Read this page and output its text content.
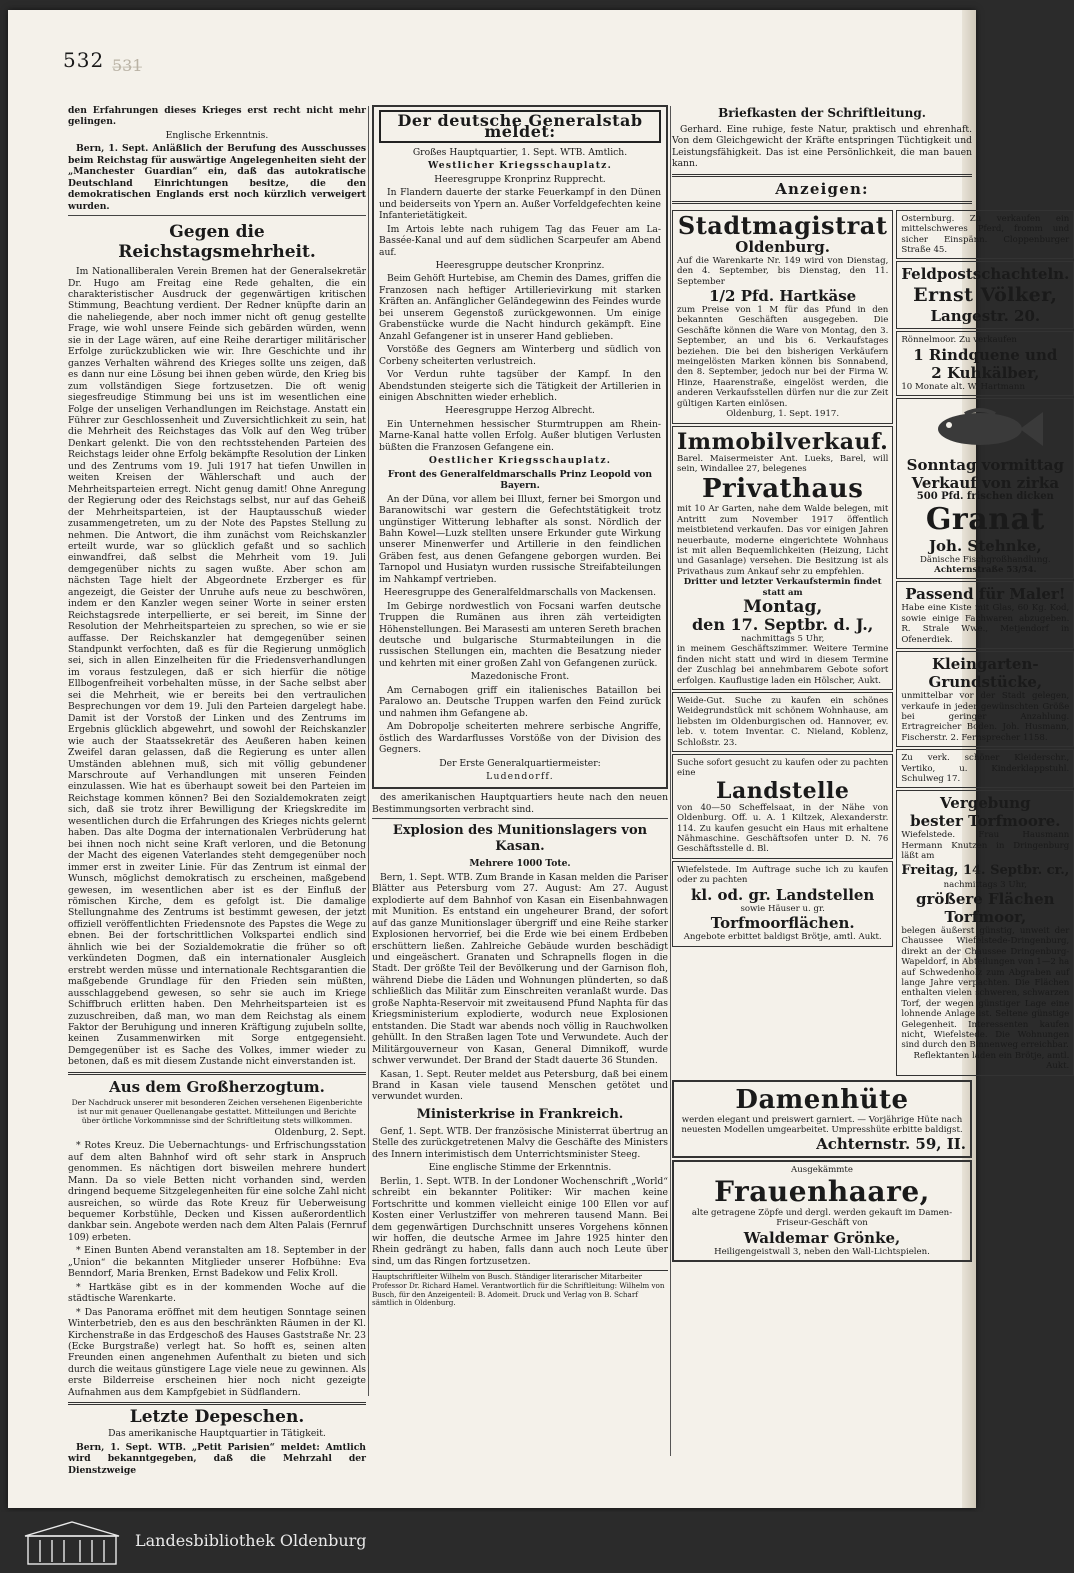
532 5̶3̶1̶

den Erfahrungen dieses Krieges erst recht nicht mehr gelingen.

Englische Erkenntnis.

Bern, 1. Sept. Anläßlich der Berufung des Ausschusses beim Reichstag für auswärtige Angelegenheiten sieht der „Manchester Guardian“ ein, daß das autokratische Deutschland Einrichtungen besitze, die den demokratischen Englands erst noch kürzlich verweigert wurden.

Gegen die Reichstagsmehrheit.

Im Nationalliberalen Verein Bremen hat der Generalsekretär Dr. Hugo am Freitag eine Rede gehalten, die ein charakteristischer Ausdruck der gegenwärtigen kritischen Stimmung, Beachtung verdient. Der Redner knüpfte darin an die naheliegende, aber noch immer nicht oft genug gestellte Frage, wie wohl unsere Feinde sich gebärden würden, wenn sie in der Lage wären, auf eine Reihe derartiger militärischer Erfolge zurückzublicken wie wir. Ihre Geschichte und ihr ganzes Verhalten während des Krieges sollte uns zeigen, daß es dann nur eine Lösung bei ihnen geben würde, den Krieg bis zum vollständigen Siege fortzusetzen. Die oft wenig siegesfreudige Stimmung bei uns ist im wesentlichen eine Folge der unseligen Verhandlungen im Reichstage. Anstatt ein Führer zur Geschlossenheit und Zuversichtlichkeit zu sein, hat die Mehrheit des Reichstages das Volk auf den Weg trüber Denkart gelenkt. Die von den rechtsstehenden Parteien des Reichstags leider ohne Erfolg bekämpfte Resolution der Linken und des Zentrums vom 19. Juli 1917 hat tiefen Unwillen in weiten Kreisen der Wählerschaft und auch der Mehrheitsparteien erregt. Nicht genug damit! Ohne Anregung der Regierung oder des Reichstags selbst, nur auf das Geheiß der Mehrheitsparteien, ist der Hauptausschuß wieder zusammengetreten, um zu der Note des Papstes Stellung zu nehmen. Die Antwort, die ihm zunächst vom Reichskanzler erteilt wurde, war so glücklich gefaßt und so sachlich einwandfrei, daß selbst die Mehrheit vom 19. Juli demgegenüber nichts zu sagen wußte. Aber schon am nächsten Tage hielt der Abgeordnete Erzberger es für angezeigt, die Geister der Unruhe aufs neue zu beschwören, indem er den Kanzler wegen seiner Worte in seiner ersten Reichstagsrede interpellierte, er sei bereit, im Sinne der Resolution der Mehrheitsparteien zu sprechen, so wie er sie auffasse. Der Reichskanzler hat demgegenüber seinen Standpunkt verfochten, daß es für die Regierung unmöglich sei, sich in allen Einzelheiten für die Friedensverhandlungen im voraus festzulegen, daß er sich hierfür die nötige Ellbogenfreiheit vorbehalten müsse, in der Sache selbst aber sei die Mehrheit, wie er bereits bei den vertraulichen Besprechungen vor dem 19. Juli den Parteien dargelegt habe. Damit ist der Vorstoß der Linken und des Zentrums im Ergebnis glücklich abgewehrt, und sowohl der Reichskanzler wie auch der Staatssekretär des Aeußeren haben keinen Zweifel daran gelassen, daß die Regierung es unter allen Umständen ablehnen muß, sich mit völlig gebundener Marschroute auf Verhandlungen mit unseren Feinden einzulassen. Wie hat es überhaupt soweit bei den Parteien im Reichstage kommen können? Bei den Sozialdemokraten zeigt sich, daß sie trotz ihrer Bewilligung der Kriegskredite im wesentlichen durch die Erfahrungen des Krieges nichts gelernt haben. Das alte Dogma der internationalen Verbrüderung hat bei ihnen noch nicht seine Kraft verloren, und die Betonung der Macht des eigenen Vaterlandes steht demgegenüber noch immer erst in zweiter Linie. Für das Zentrum ist einmal der Wunsch, möglichst demokratisch zu erscheinen, maßgebend gewesen, im wesentlichen aber ist es der Einfluß der römischen Kirche, dem es gefolgt ist. Die damalige Stellungnahme des Zentrums ist bestimmt gewesen, der jetzt offiziell veröffentlichten Friedensnote des Papstes die Wege zu ebnen. Bei der fortschrittlichen Volkspartei endlich sind ähnlich wie bei der Sozialdemokratie die früher so oft verkündeten Dogmen, daß ein internationaler Ausgleich erstrebt werden müsse und internationale Rechtsgarantien die maßgebende Grundlage für den Frieden sein müßten, ausschlaggebend gewesen, so sehr sie auch im Kriege Schiffbruch erlitten haben. Den Mehrheitsparteien ist es zuzuschreiben, daß man, wo man dem Reichstag als einem Faktor der Beruhigung und inneren Kräftigung zujubeln sollte, keinen Zusammenwirken mit Sorge entgegensieht. Demgegenüber ist es Sache des Volkes, immer wieder zu betonen, daß es mit diesem Zustande nicht einverstanden ist.

Aus dem Großherzogtum.

Der Nachdruck unserer mit besonderen Zeichen versehenen Eigenberichte ist nur mit genauer Quellenangabe gestattet. Mitteilungen und Berichte über örtliche Vorkommnisse sind der Schriftleitung stets willkommen.

Oldenburg, 2. Sept.

* Rotes Kreuz. Die Uebernachtungs- und Erfrischungsstation auf dem alten Bahnhof wird oft sehr stark in Anspruch genommen. Es nächtigen dort bisweilen mehrere hundert Mann. Da so viele Betten nicht vorhanden sind, werden dringend bequeme Sitzgelegenheiten für eine solche Zahl nicht ausreichen, so würde das Rote Kreuz für Ueberweisung bequemer Korbstühle, Decken und Kissen außerordentlich dankbar sein. Angebote werden nach dem Alten Palais (Fernruf 109) erbeten.

* Einen Bunten Abend veranstalten am 18. September in der „Union“ die bekannten Mitglieder unserer Hofbühne: Eva Benndorf, Maria Brenken, Ernst Badekow und Felix Kroll.

* Hartkäse gibt es in der kommenden Woche auf die städtische Warenkarte.

* Das Panorama eröffnet mit dem heutigen Sonntage seinen Winterbetrieb, den es aus den beschränkten Räumen in der Kl. Kirchenstraße in das Erdgeschoß des Hauses Gaststraße Nr. 23 (Ecke Burgstraße) verlegt hat. So hofft es, seinen alten Freunden einen angenehmen Aufenthalt zu bieten und sich durch die weitaus günstigere Lage viele neue zu gewinnen. Als erste Bilderreise erscheinen hier noch nicht gezeigte Aufnahmen aus dem Kampfgebiet in Südflandern.

Letzte Depeschen.

Das amerikanische Hauptquartier in Tätigkeit.

Bern, 1. Sept. WTB. „Petit Parisien“ meldet: Amtlich wird bekanntgegeben, daß die Mehrzahl der Dienstzweige

Der deutsche Generalstab meldet:

Großes Hauptquartier, 1. Sept. WTB. Amtlich.

Westlicher Kriegsschauplatz.

Heeresgruppe Kronprinz Rupprecht.

In Flandern dauerte der starke Feuerkampf in den Dünen und beiderseits von Ypern an. Außer Vorfeldgefechten keine Infanterietätigkeit.

Im Artois lebte nach ruhigem Tag das Feuer am La-Bassée-Kanal und auf dem südlichen Scarpeufer am Abend auf.

Heeresgruppe deutscher Kronprinz.

Beim Gehöft Hurtebise, am Chemin des Dames, griffen die Franzosen nach heftiger Artillerievirkung mit starken Kräften an. Anfänglicher Geländegewinn des Feindes wurde bei unserem Gegenstoß zurückgewonnen. Um einige Grabenstücke wurde die Nacht hindurch gekämpft. Eine Anzahl Gefangener ist in unserer Hand geblieben.

Vorstöße des Gegners am Winterberg und südlich von Corbeny scheiterten verlustreich.

Vor Verdun ruhte tagsüber der Kampf. In den Abendstunden steigerte sich die Tätigkeit der Artillerien in einigen Abschnitten wieder erheblich.

Heeresgruppe Herzog Albrecht.

Ein Unternehmen hessischer Sturmtruppen am Rhein-Marne-Kanal hatte vollen Erfolg. Außer blutigen Verlusten büßten die Franzosen Gefangene ein.

Oestlicher Kriegsschauplatz.

Front des Generalfeldmarschalls Prinz Leopold von Bayern.

An der Düna, vor allem bei Illuxt, ferner bei Smorgon und Baranowitschi war gestern die Gefechtstätigkeit trotz ungünstiger Witterung lebhafter als sonst. Nördlich der Bahn Kowel—Luzk stellten unsere Erkunder gute Wirkung unserer Minenwerfer und Artillerie in den feindlichen Gräben fest, aus denen Gefangene geborgen wurden. Bei Tarnopol und Husiatyn wurden russische Streifabteilungen im Nahkampf vertrieben.

Heeresgruppe des Generalfeldmarschalls von Mackensen.

Im Gebirge nordwestlich von Focsani warfen deutsche Truppen die Rumänen aus ihren zäh verteidigten Höhenstellungen. Bei Marasesti am unteren Sereth brachen deutsche und bulgarische Sturmabteilungen in die russischen Stellungen ein, machten die Besatzung nieder und kehrten mit einer großen Zahl von Gefangenen zurück.

Mazedonische Front.

Am Cernabogen griff ein italienisches Bataillon bei Paralowo an. Deutsche Truppen warfen den Feind zurück und nahmen ihm Gefangene ab.

Am Dobropolje scheiterten mehrere serbische Angriffe, östlich des Wardarflusses Vorstöße von der Division des Gegners.

Der Erste Generalquartiermeister:

Ludendorff.

des amerikanischen Hauptquartiers heute nach den neuen Bestimmungsorten verbracht sind.

Explosion des Munitionslagers von Kasan.

Mehrere 1000 Tote.

Bern, 1. Sept. WTB. Zum Brande in Kasan melden die Pariser Blätter aus Petersburg vom 27. August: Am 27. August explodierte auf dem Bahnhof von Kasan ein Eisenbahnwagen mit Munition. Es entstand ein ungeheurer Brand, der sofort auf das ganze Munitionslager übergriff und eine Reihe starker Explosionen hervorrief, bei die Erde wie bei einem Erdbeben erschüttern ließen. Zahlreiche Gebäude wurden beschädigt und eingeäschert. Granaten und Schrapnells flogen in die Stadt. Der größte Teil der Bevölkerung und der Garnison floh, während Diebe die Läden und Wohnungen plünderten, so daß schließlich das Militär zum Einschreiten veranlaßt wurde. Das große Naphta-Reservoir mit zweitausend Pfund Naphta für das Kriegsministerium explodierte, wodurch neue Explosionen entstanden. Die Stadt war abends noch völlig in Rauchwolken gehüllt. In den Straßen lagen Tote und Verwundete. Auch der Militärgouverneur von Kasan, General Dimnikoff, wurde schwer verwundet. Der Brand der Stadt dauerte 36 Stunden.

Kasan, 1. Sept. Reuter meldet aus Petersburg, daß bei einem Brand in Kasan viele tausend Menschen getötet und verwundet wurden.

Ministerkrise in Frankreich.

Genf, 1. Sept. WTB. Der französische Ministerrat übertrug an Stelle des zurückgetretenen Malvy die Geschäfte des Ministers des Innern interimistisch dem Unterrichtsminister Steeg.

Eine englische Stimme der Erkenntnis.

Berlin, 1. Sept. WTB. In der Londoner Wochenschrift „World“ schreibt ein bekannter Politiker: Wir machen keine Fortschritte und kommen vielleicht einige 100 Ellen vor auf Kosten einer Verlustziffer von mehreren tausend Mann. Bei dem gegenwärtigen Durchschnitt unseres Vorgehens können wir hoffen, die deutsche Armee im Jahre 1925 hinter den Rhein gedrängt zu haben, falls dann auch noch Leute über sind, um das Ringen fortzusetzen.

Hauptschriftleiter Wilhelm von Busch. Ständiger literarischer Mitarbeiter Professor Dr. Richard Hamel. Verantwortlich für die Schriftleitung: Wilhelm von Busch, für den Anzeigenteil: B. Adomeit. Druck und Verlag von B. Scharf sämtlich in Oldenburg.
Briefkasten der Schriftleitung.

Gerhard. Eine ruhige, feste Natur, praktisch und ehrenhaft. Von dem Gleichgewicht der Kräfte entspringen Tüchtigkeit und Leistungsfähigkeit. Das ist eine Persönlichkeit, die man bauen kann.

Anzeigen:
Stadtmagistrat
Oldenburg.
Auf die Warenkarte Nr. 149 wird von Dienstag, den 4. September, bis Dienstag, den 11. September
1/2 Pfd. Hartkäse
zum Preise von 1 M für das Pfund in den bekannten Geschäften ausgegeben. Die Geschäfte können die Ware von Montag, den 3. September, an und bis 6. Verkaufstages beziehen. Die bei den bisherigen Verkäufern meingelösten Marken können bis Sonnabend, den 8. September, jedoch nur bei der Firma W. Hinze, Haarenstraße, eingelöst werden, die anderen Verkaufsstellen dürfen nur die zur Zeit gültigen Karten einlösen.
Oldenburg, 1. Sept. 1917.
Immobilverkauf.
Barel. Maisermeister Ant. Lueks, Barel, will sein, Windallee 27, belegenes
Privathaus
mit 10 Ar Garten, nahe dem Walde belegen, mit Antritt zum November 1917 öffentlich meistbietend verkaufen. Das vor einigen Jahren neuerbaute, moderne eingerichtete Wohnhaus ist mit allen Bequemlichkeiten (Heizung, Licht und Gasanlage) versehen. Die Besitzung ist als Privathaus zum Ankauf sehr zu empfehlen.
Dritter und letzter Verkaufstermin findet statt am
Montag,
den 17. Septbr. d. J.,
nachmittags 5 Uhr,
in meinem Geschäftszimmer. Weitere Termine finden nicht statt und wird in diesem Termine der Zuschlag bei annehmbarem Gebote sofort erfolgen. Kauflustige laden ein Hölscher, Aukt.
Weide-Gut. Suche zu kaufen ein schönes Weidegrundstück mit schönem Wohnhause, am liebsten im Oldenburgischen od. Hannover, ev. leb. v. totem Inventar. C. Nieland, Koblenz, Schloßstr. 23.
Suche sofort gesucht zu kaufen oder zu pachten eine
Landstelle
von 40—50 Scheffelsaat, in der Nähe von Oldenburg. Off. u. A. 1 Kiltzek, Alexanderstr. 114. Zu kaufen gesucht ein Haus mit erhaltene Nähmaschine. Geschäftsofen unter D. N. 76 Geschäftsstelle d. Bl.
Wiefelstede. Im Auftrage suche ich zu kaufen oder zu pachten
kl. od. gr. Landstellen
sowie Häuser u. gr.
Torfmoorflächen.
Angebote erbittet baldigst Brötje, amtl. Aukt.
Osternburg. Zu verkaufen ein mittelschweres Pferd, fromm und sicher Einspänn. Cloppenburger Straße 45.
Feldpostschachteln.
Ernst Völker,
Langestr. 20.
Rönnelmoor. Zu verkaufen
1 Rindquene und
2 Kuhkälber,
10 Monate alt. W. Hartmann
Sonntag vormittag
Verkauf von zirka
500 Pfd. frischen dicken
Granat
Joh. Stehnke,
Dänische Fischgroßhandlung.
Achternstraße 53/54.
Passend für Maler!
Habe eine Kiste mit Glas, 60 Kg. Kod, sowie einige Fachwaren abzugeben. R. Strale Wwe., Metjendorf in Ofenerdiek.
Kleingarten-Grundstücke,
unmittelbar vor der Stadt gelegen, verkaufe in jeder gewünschten Größe bei geringer Anzahlung. Ertragreicher Boden. Joh. Husmann, Fischerstr. 2. Fernsprecher 1158.
Zu verk. schöner Kleiderschr., Vertiko, u. Kinderklappstuhl. Schulweg 17.
Vergebung
bester Torfmoore.
Wiefelstede. Frau Hausmann Hermann Knutzen in Dringenburg läßt am
Freitag, 14. Septbr. cr.,
nachmittags 3 Uhr,
größere Flächen Torfmoor,
belegen äußerst günstig, unweit der Chaussee Wiefelstede-Dringenburg, direkt an der Chaussee Dringenburg-Wapeldorf, in Abteilungen von 1—2 ha auf Schwedenholz zum Abgraben auf lange Jahre verpachten. Die Flächen enthalten vielen schweren, schwarzen Torf, der wegen günstiger Lage eine lohnende Anlage ist. Seltene günstige Gelegenheit. Interessenten kaufen nicht, Wiefelstede. Die Wohnungen sind durch den Binnenweg erreichbar.
Reflektanten laden ein Brötje, amtl. Aukt.
Damenhüte
werden elegant und preiswert garniert. — Vorjährige Hüte nach neuesten Modellen umgearbeitet. Umpresshüte erbitte baldigst.
Achternstr. 59, II.
Ausgekämmte
Frauenhaare,
alte getragene Zöpfe und dergl. werden gekauft im Damen-Friseur-Geschäft von
Waldemar Grönke,
Heiligengeistwall 3, neben den Wall-Lichtspielen.
Landesbibliothek Oldenburg
